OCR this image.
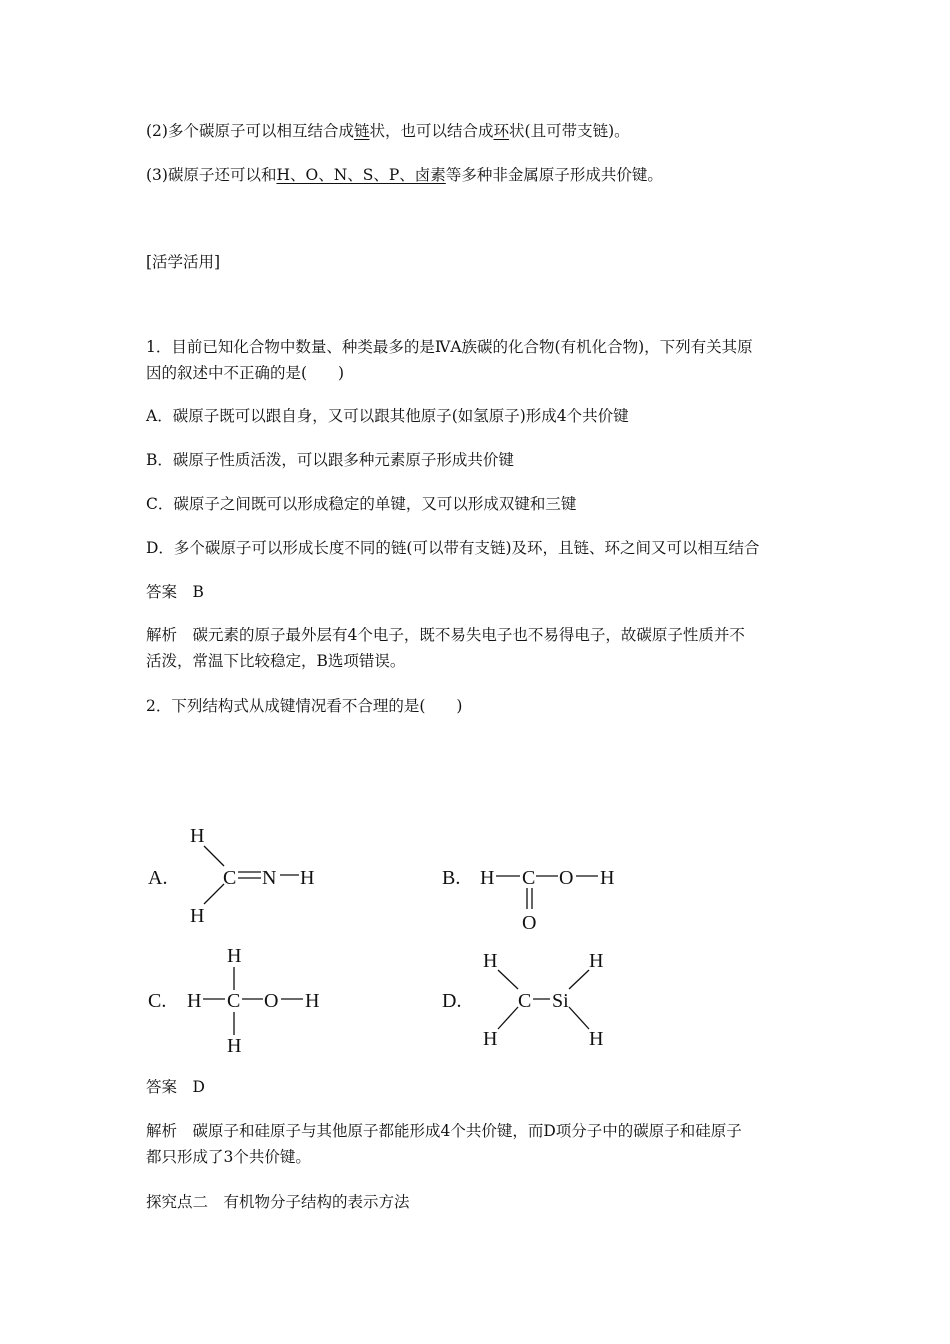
(2)多个碳原子可以相互结合成链状，也可以结合成环状(且可带支链)。
(3)碳原子还可以和H、O、N、S、P、卤素等多种非金属原子形成共价键。
[活学活用]
1．目前已知化合物中数量、种类最多的是ⅣA族碳的化合物(有机化合物)，下列有关其原
因的叙述中不正确的是(　　)
A．碳原子既可以跟自身，又可以跟其他原子(如氢原子)形成4个共价键
B．碳原子性质活泼，可以跟多种元素原子形成共价键
C．碳原子之间既可以形成稳定的单键，又可以形成双键和三键
D．多个碳原子可以形成长度不同的链(可以带有支链)及环，且链、环之间又可以相互结合
答案　B
解析　碳元素的原子最外层有4个电子，既不易失电子也不易得电子，故碳原子性质并不
活泼，常温下比较稳定，B选项错误。
2．下列结构式从成键情况看不合理的是(　　)
A.
H
H
C N H	B. H C O H
O
C.
H
H C O H
H
D.
H
H
C Si
H
H
答案　D
解析　碳原子和硅原子与其他原子都能形成4个共价键，而D项分子中的碳原子和硅原子
都只形成了3个共价键。
探究点二　有机物分子结构的表示方法
